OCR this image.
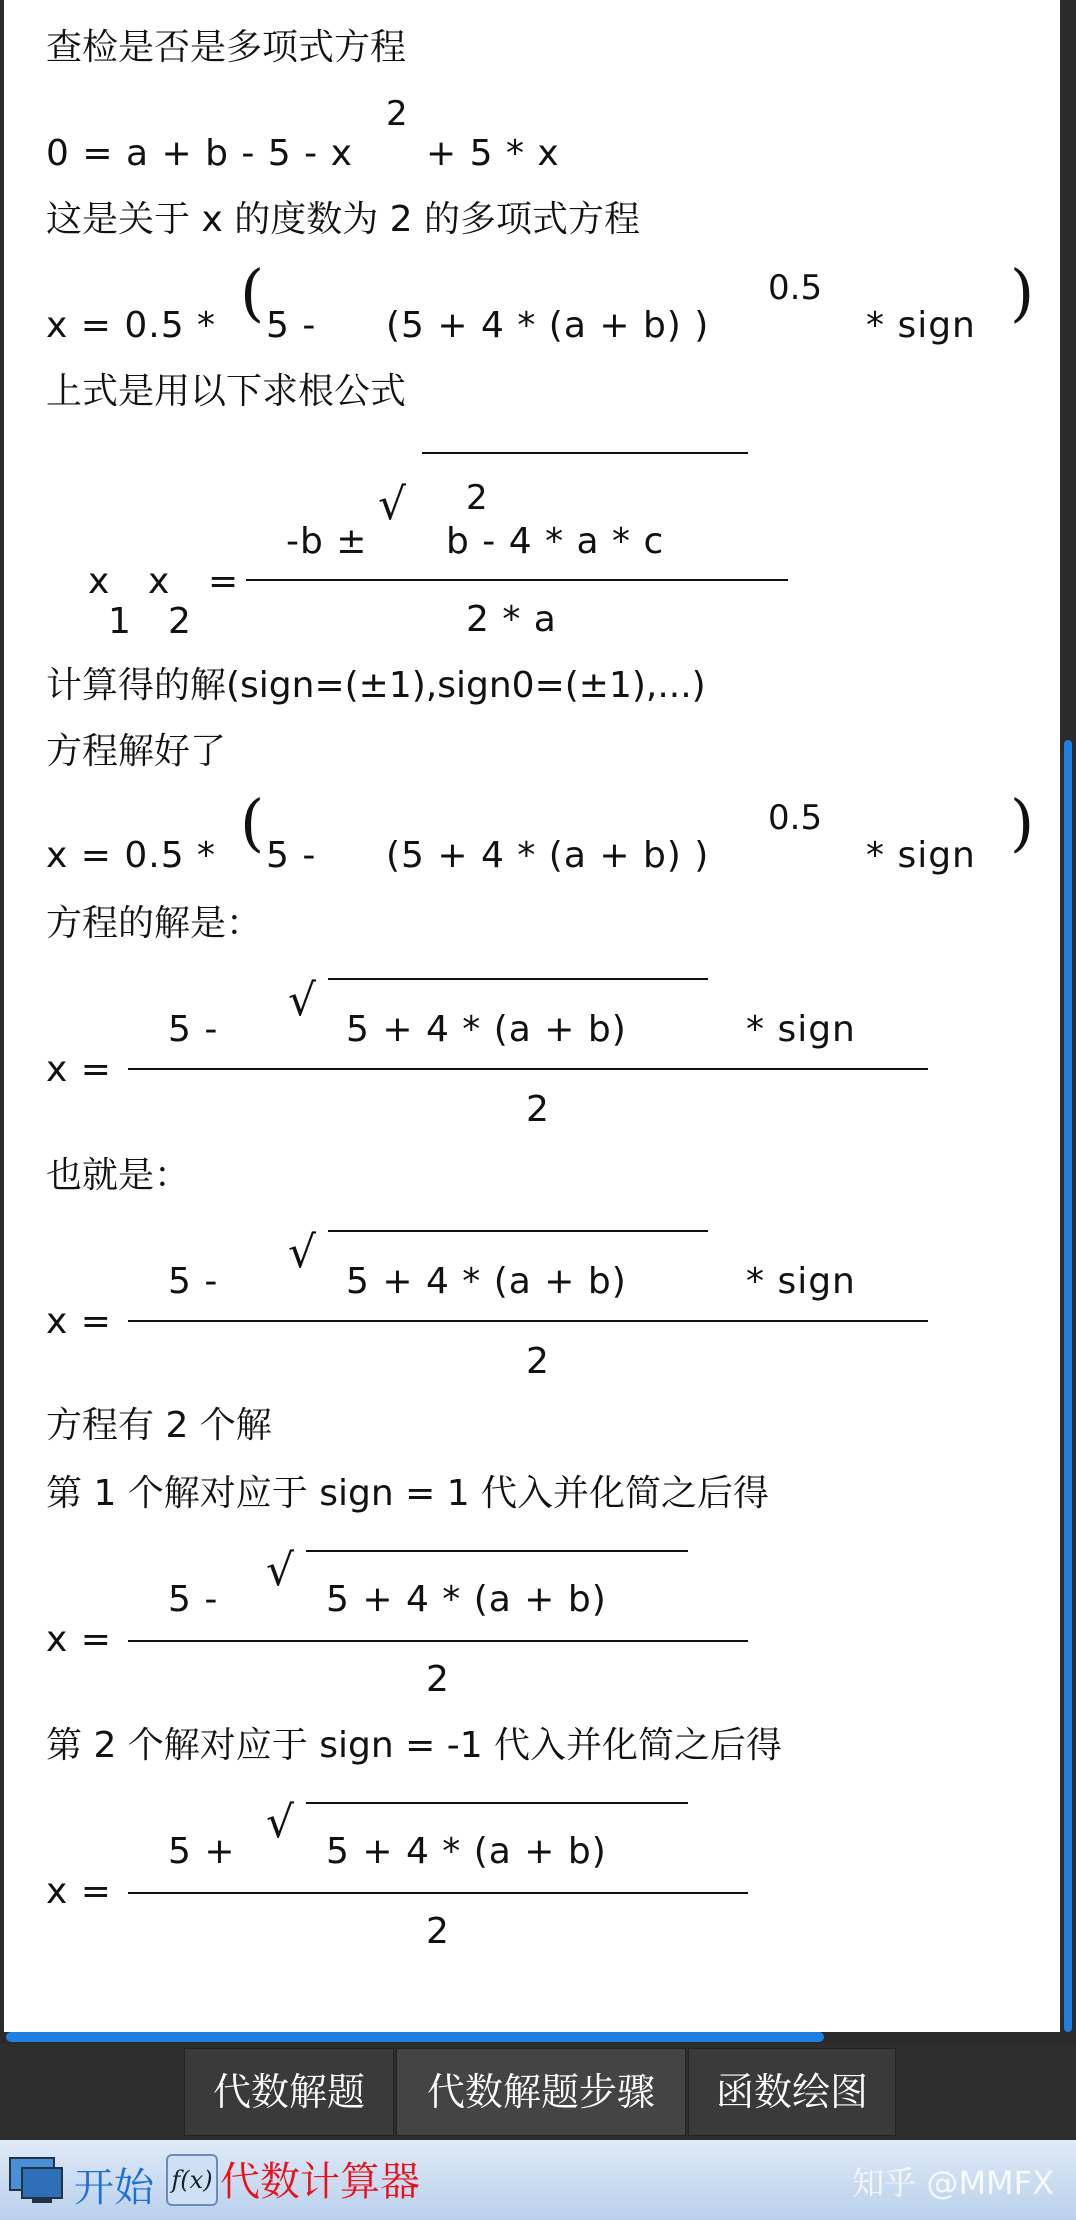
查检是否是多项式方程
0 = a + b - 5 - x
2
+ 5 * x
这是关于 x 的度数为 2 的多项式方程
x = 0.5 * ( 5 - (5 + 4 * (a + b) )
0.5
* sign )
上式是用以下求根公式
x x
1 2
=
-b ±
√ 2
b - 4 * a * c
2 * a
计算得的解(sign=(±1),sign0=(±1),...)
方程解好了
x = 0.5 * ( 5 - (5 + 4 * (a + b) )
0.5
* sign )
方程的解是：
x =
5 -
√
5 + 4 * (a + b)	* sign
2
也就是：
x =
5 -
√
5 + 4 * (a + b)	* sign
2
方程有 2 个解
第 1 个解对应于 sign = 1 代入并化简之后得
x =
5 -
√
5 + 4 * (a + b)
2
第 2 个解对应于 sign = -1 代入并化简之后得
x =
5 +
√
5 + 4 * (a + b)
2
代数解题	代数解题步骤	函数绘图
开始 f(x) 代数计算器	知乎 @MMFX
